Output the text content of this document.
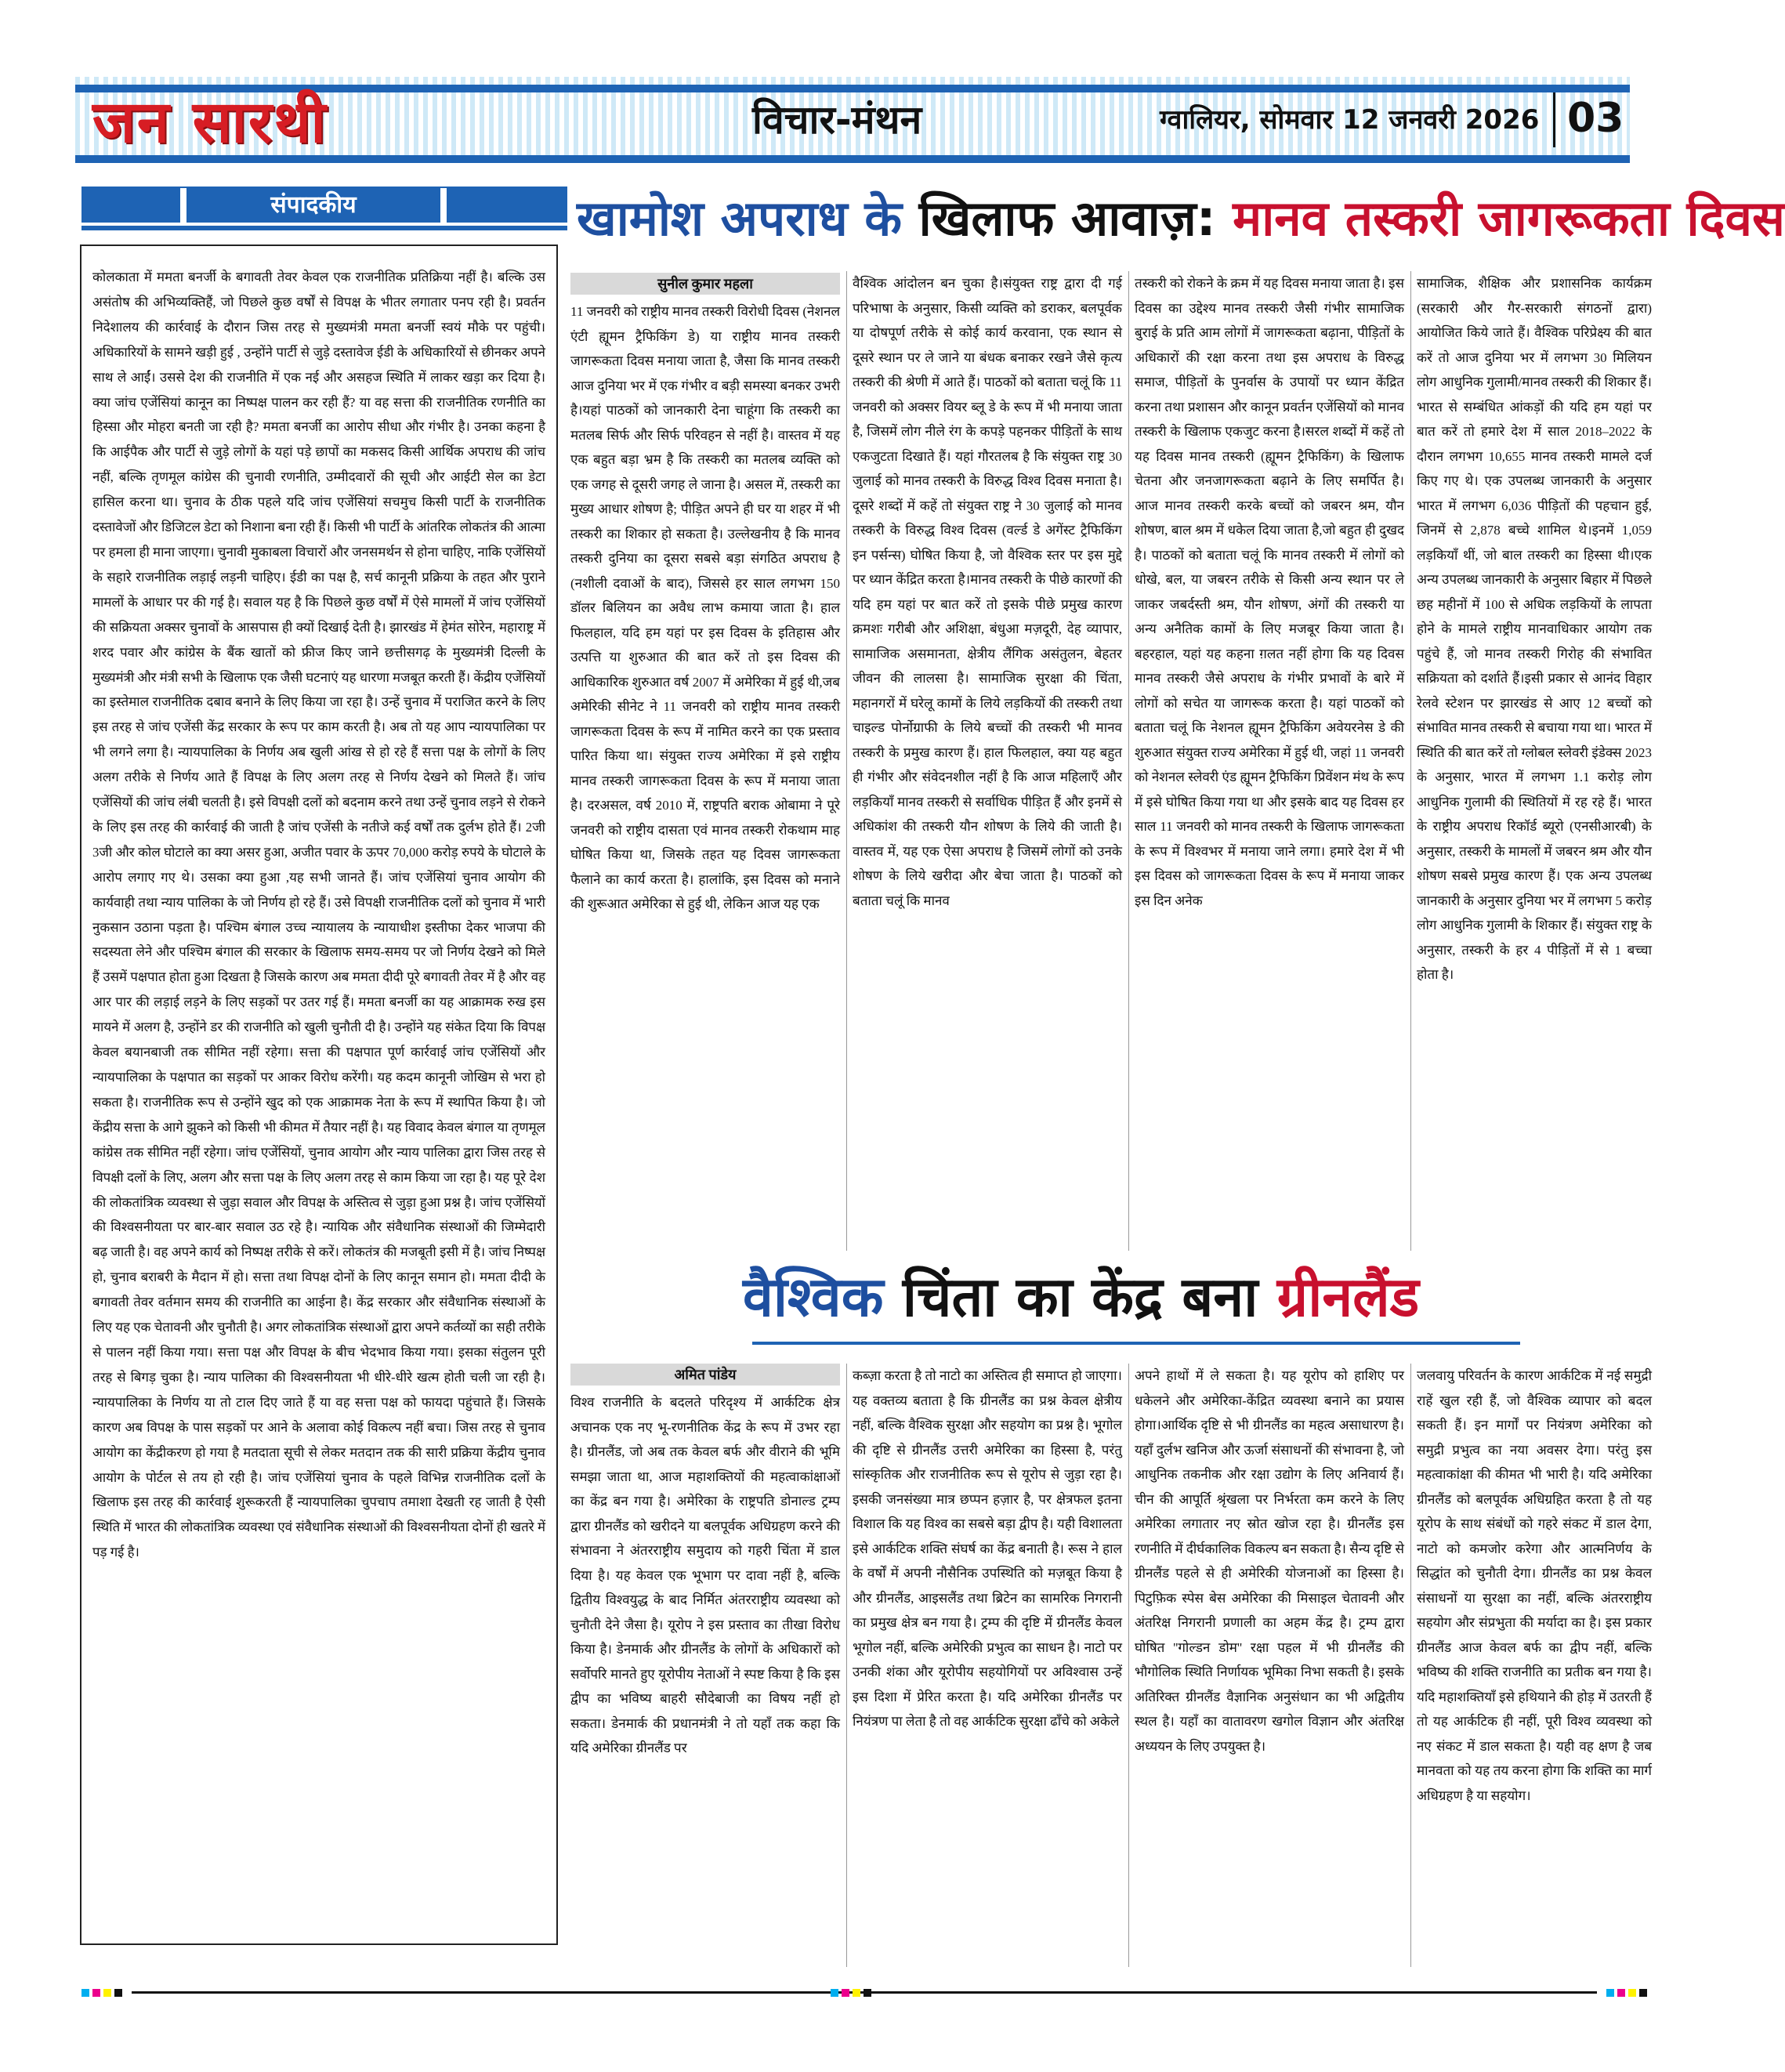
जन सारथी	विचार-मंथन	ग्वालियर, सोमवार 12 जनवरी 2026 03
संपादकीय

कोलकाता में ममता बनर्जी के बगावती तेवर केवल एक राजनीतिक प्रतिक्रिया नहीं है। बल्कि उस असंतोष की अभिव्यक्तिहैं, जो पिछले कुछ वर्षों से विपक्ष के भीतर लगातार पनप रही है। प्रवर्तन निदेशालय की कार्रवाई के दौरान जिस तरह से मुख्यमंत्री ममता बनर्जी स्वयं मौके पर पहुंची। अधिकारियों के सामने खड़ी हुई , उन्होंने पार्टी से जुड़े दस्तावेज ईडी के अधिकारियों से छीनकर अपने साथ ले आईं। उससे देश की राजनीति में एक नई और असहज स्थिति में लाकर खड़ा कर दिया है। क्या जांच एजेंसियां कानून का निष्पक्ष पालन कर रही हैं? या वह सत्ता की राजनीतिक रणनीति का हिस्सा और मोहरा बनती जा रही है? ममता बनर्जी का आरोप सीधा और गंभीर है। उनका कहना है कि आईपैक और पार्टी से जुड़े लोगों के यहां पड़े छापों का मकसद किसी आर्थिक अपराध की जांच नहीं, बल्कि तृणमूल कांग्रेस की चुनावी रणनीति, उम्मीदवारों की सूची और आईटी सेल का डेटा हासिल करना था। चुनाव के ठीक पहले यदि जांच एजेंसियां सचमुच किसी पार्टी के राजनीतिक दस्तावेजों और डिजिटल डेटा को निशाना बना रही हैं। किसी भी पार्टी के आंतरिक लोकतंत्र की आत्मा पर हमला ही माना जाएगा। चुनावी मुकाबला विचारों और जनसमर्थन से होना चाहिए, नाकि एजेंसियों के सहारे राजनीतिक लड़ाई लड़नी चाहिए। ईडी का पक्ष है, सर्च कानूनी प्रक्रिया के तहत और पुराने मामलों के आधार पर की गई है। सवाल यह है कि पिछले कुछ वर्षों में ऐसे मामलों में जांच एजेंसियों की सक्रियता अक्सर चुनावों के आसपास ही क्यों दिखाई देती है। झारखंड में हेमंत सोरेन, महाराष्ट्र में शरद पवार और कांग्रेस के बैंक खातों को फ्रीज किए जाने छत्तीसगढ़ के मुख्यमंत्री दिल्ली के मुख्यमंत्री और मंत्री सभी के खिलाफ एक जैसी घटनाएं यह धारणा मजबूत करती हैं। केंद्रीय एजेंसियों का इस्तेमाल राजनीतिक दबाव बनाने के लिए किया जा रहा है। उन्हें चुनाव में पराजित करने के लिए इस तरह से जांच एजेंसी केंद्र सरकार के रूप पर काम करती है। अब तो यह आप न्यायपालिका पर भी लगने लगा है। न्यायपालिका के निर्णय अब खुली आंख से हो रहे हैं सत्ता पक्ष के लोगों के लिए अलग तरीके से निर्णय आते हैं विपक्ष के लिए अलग तरह से निर्णय देखने को मिलते हैं। जांच एजेंसियों की जांच लंबी चलती है। इसे विपक्षी दलों को बदनाम करने तथा उन्हें चुनाव लड़ने से रोकने के लिए इस तरह की कार्रवाई की जाती है जांच एजेंसी के नतीजे कई वर्षों तक दुर्लभ होते हैं। 2जी 3जी और कोल घोटाले का क्या असर हुआ, अजीत पवार के ऊपर 70,000 करोड़ रुपये के घोटाले के आरोप लगाए गए थे। उसका क्या हुआ ,यह सभी जानते हैं। जांच एजेंसियां चुनाव आयोग की कार्यवाही तथा न्याय पालिका के जो निर्णय हो रहे हैं। उसे विपक्षी राजनीतिक दलों को चुनाव में भारी नुकसान उठाना पड़ता है। पश्चिम बंगाल उच्च न्यायालय के न्यायाधीश इस्तीफा देकर भाजपा की सदस्यता लेने और पश्चिम बंगाल की सरकार के खिलाफ समय-समय पर जो निर्णय देखने को मिले हैं उसमें पक्षपात होता हुआ दिखता है जिसके कारण अब ममता दीदी पूरे बगावती तेवर में है और वह आर पार की लड़ाई लड़ने के लिए सड़कों पर उतर गई हैं। ममता बनर्जी का यह आक्रामक रुख इस मायने में अलग है, उन्होंने डर की राजनीति को खुली चुनौती दी है। उन्होंने यह संकेत दिया कि विपक्ष केवल बयानबाजी तक सीमित नहीं रहेगा। सत्ता की पक्षपात पूर्ण कार्रवाई जांच एजेंसियों और न्यायपालिका के पक्षपात का सड़कों पर आकर विरोध करेंगी। यह कदम कानूनी जोखिम से भरा हो सकता है। राजनीतिक रूप से उन्होंने खुद को एक आक्रामक नेता के रूप में स्थापित किया है। जो केंद्रीय सत्ता के आगे झुकने को किसी भी कीमत में तैयार नहीं है। यह विवाद केवल बंगाल या तृणमूल कांग्रेस तक सीमित नहीं रहेगा। जांच एजेंसियों, चुनाव आयोग और न्याय पालिका द्वारा जिस तरह से विपक्षी दलों के लिए, अलग और सत्ता पक्ष के लिए अलग तरह से काम किया जा रहा है। यह पूरे देश की लोकतांत्रिक व्यवस्था से जुड़ा सवाल और विपक्ष के अस्तित्व से जुड़ा हुआ प्रश्न है। जांच एजेंसियों की विश्वसनीयता पर बार-बार सवाल उठ रहे है। न्यायिक और संवैधानिक संस्थाओं की जिम्मेदारी बढ़ जाती है। वह अपने कार्य को निष्पक्ष तरीके से करें। लोकतंत्र की मजबूती इसी में है। जांच निष्पक्ष हो, चुनाव बराबरी के मैदान में हो। सत्ता तथा विपक्ष दोनों के लिए कानून समान हो। ममता दीदी के बगावती तेवर वर्तमान समय की राजनीति का आईना है। केंद्र सरकार और संवैधानिक संस्थाओं के लिए यह एक चेतावनी और चुनौती है। अगर लोकतांत्रिक संस्थाओं द्वारा अपने कर्तव्यों का सही तरीके से पालन नहीं किया गया। सत्ता पक्ष और विपक्ष के बीच भेदभाव किया गया। इसका संतुलन पूरी तरह से बिगड़ चुका है। न्याय पालिका की विश्वसनीयता भी धीरे-धीरे खत्म होती चली जा रही है। न्यायपालिका के निर्णय या तो टाल दिए जाते हैं या वह सत्ता पक्ष को फायदा पहुंचाते हैं। जिसके कारण अब विपक्ष के पास सड़कों पर आने के अलावा कोई विकल्प नहीं बचा। जिस तरह से चुनाव आयोग का केंद्रीकरण हो गया है मतदाता सूची से लेकर मतदान तक की सारी प्रक्रिया केंद्रीय चुनाव आयोग के पोर्टल से तय हो रही है। जांच एजेंसियां चुनाव के पहले विभिन्न राजनीतिक दलों के खिलाफ इस तरह की कार्रवाई शुरूकरती हैं न्यायपालिका चुपचाप तमाशा देखती रह जाती है ऐसी स्थिति में भारत की लोकतांत्रिक व्यवस्था एवं संवैधानिक संस्थाओं की विश्वसनीयता दोनों ही खतरे में पड़ गई है।

खामोश अपराध के खिलाफ आवाज़: मानव तस्करी जागरूकता दिवस
सुनील कुमार महला

11 जनवरी को राष्ट्रीय मानव तस्करी विरोधी दिवस (नेशनल एंटी ह्यूमन ट्रैफिकिंग डे) या राष्ट्रीय मानव तस्करी जागरूकता दिवस मनाया जाता है, जैसा कि मानव तस्करी आज दुनिया भर में एक गंभीर व बड़ी समस्या बनकर उभरी है।यहां पाठकों को जानकारी देना चाहूंगा कि तस्करी का मतलब सिर्फ और सिर्फ परिवहन से नहीं है। वास्तव में यह एक बहुत बड़ा भ्रम है कि तस्करी का मतलब व्यक्ति को एक जगह से दूसरी जगह ले जाना है। असल में, तस्करी का मुख्य आधार शोषण है; पीड़ित अपने ही घर या शहर में भी तस्करी का शिकार हो सकता है। उल्लेखनीय है कि मानव तस्करी दुनिया का दूसरा सबसे बड़ा संगठित अपराध है (नशीली दवाओं के बाद), जिससे हर साल लगभग 150 डॉलर बिलियन का अवैध लाभ कमाया जाता है। हाल फिलहाल, यदि हम यहां पर इस दिवस के इतिहास और उत्पत्ति या शुरुआत की बात करें तो इस दिवस की आधिकारिक शुरुआत वर्ष 2007 में अमेरिका में हुई थी,जब अमेरिकी सीनेट ने 11 जनवरी को राष्ट्रीय मानव तस्करी जागरूकता दिवस के रूप में नामित करने का एक प्रस्ताव पारित किया था। संयुक्त राज्य अमेरिका में इसे राष्ट्रीय मानव तस्करी जागरूकता दिवस के रूप में मनाया जाता है। दरअसल, वर्ष 2010 में, राष्ट्रपति बराक ओबामा ने पूरे जनवरी को राष्ट्रीय दासता एवं मानव तस्करी रोकथाम माह घोषित किया था, जिसके तहत यह दिवस जागरूकता फैलाने का कार्य करता है। हालांकि, इस दिवस को मनाने की शुरूआत अमेरिका से हुई थी, लेकिन आज यह एक

वैश्विक आंदोलन बन चुका है।संयुक्त राष्ट्र द्वारा दी गई परिभाषा के अनुसार, किसी व्यक्ति को डराकर, बलपूर्वक या दोषपूर्ण तरीके से कोई कार्य करवाना, एक स्थान से दूसरे स्थान पर ले जाने या बंधक बनाकर रखने जैसे कृत्य तस्करी की श्रेणी में आते हैं। पाठकों को बताता चलूं कि 11 जनवरी को अक्सर वियर ब्लू डे के रूप में भी मनाया जाता है, जिसमें लोग नीले रंग के कपड़े पहनकर पीड़ितों के साथ एकजुटता दिखाते हैं। यहां गौरतलब है कि संयुक्त राष्ट्र 30 जुलाई को मानव तस्करी के विरुद्ध विश्व दिवस मनाता है। दूसरे शब्दों में कहें तो संयुक्त राष्ट्र ने 30 जुलाई को मानव तस्करी के विरुद्ध विश्व दिवस (वर्ल्ड डे अगेंस्ट ट्रैफिकिंग इन पर्सन्स) घोषित किया है, जो वैश्विक स्तर पर इस मुद्दे पर ध्यान केंद्रित करता है।मानव तस्करी के पीछे कारणों की यदि हम यहां पर बात करें तो इसके पीछे प्रमुख कारण क्रमशः गरीबी और अशिक्षा, बंधुआ मज़दूरी, देह व्यापार, सामाजिक असमानता, क्षेत्रीय लैंगिक असंतुलन, बेहतर जीवन की लालसा है। सामाजिक सुरक्षा की चिंता, महानगरों में घरेलू कामों के लिये लड़कियों की तस्करी तथा चाइल्ड पोर्नोग्राफी के लिये बच्चों की तस्करी भी मानव तस्करी के प्रमुख कारण हैं। हाल फिलहाल, क्या यह बहुत ही गंभीर और संवेदनशील नहीं है कि आज महिलाएँ और लड़कियाँ मानव तस्करी से सर्वाधिक पीड़ित हैं और इनमें से अधिकांश की तस्करी यौन शोषण के लिये की जाती है।वास्तव में, यह एक ऐसा अपराध है जिसमें लोगों को उनके शोषण के लिये खरीदा और बेचा जाता है। पाठकों को बताता चलूं कि मानव

तस्करी को रोकने के क्रम में यह दिवस मनाया जाता है। इस दिवस का उद्देश्य मानव तस्करी जैसी गंभीर सामाजिक बुराई के प्रति आम लोगों में जागरूकता बढ़ाना, पीड़ितों के अधिकारों की रक्षा करना तथा इस अपराध के विरुद्ध समाज, पीड़ितों के पुनर्वास के उपायों पर ध्यान केंद्रित करना तथा प्रशासन और कानून प्रवर्तन एजेंसियों को मानव तस्करी के खिलाफ एकजुट करना है।सरल शब्दों में कहें तो यह दिवस मानव तस्करी (ह्यूमन ट्रैफिकिंग) के खिलाफ चेतना और जनजागरूकता बढ़ाने के लिए समर्पित है। आज मानव तस्करी करके बच्चों को जबरन श्रम, यौन शोषण, बाल श्रम में धकेल दिया जाता है,जो बहुत ही दुखद है। पाठकों को बताता चलूं कि मानव तस्करी में लोगों को धोखे, बल, या जबरन तरीके से किसी अन्य स्थान पर ले जाकर जबर्दस्ती श्रम, यौन शोषण, अंगों की तस्करी या अन्य अनैतिक कामों के लिए मजबूर किया जाता है। बहरहाल, यहां यह कहना ग़लत नहीं होगा कि यह दिवस मानव तस्करी जैसे अपराध के गंभीर प्रभावों के बारे में लोगों को सचेत या जागरूक करता है। यहां पाठकों को बताता चलूं कि नेशनल ह्यूमन ट्रैफिकिंग अवेयरनेस डे की शुरुआत संयुक्त राज्य अमेरिका में हुई थी, जहां 11 जनवरी को नेशनल स्लेवरी एंड ह्यूमन ट्रैफिकिंग प्रिवेंशन मंथ के रूप में इसे घोषित किया गया था और इसके बाद यह दिवस हर साल 11 जनवरी को मानव तस्करी के खिलाफ जागरूकता के रूप में विश्वभर में मनाया जाने लगा। हमारे देश में भी इस दिवस को जागरूकता दिवस के रूप में मनाया जाकर इस दिन अनेक

सामाजिक, शैक्षिक और प्रशासनिक कार्यक्रम (सरकारी और गैर-सरकारी संगठनों द्वारा) आयोजित किये जाते हैं। वैश्विक परिप्रेक्ष्य की बात करें तो आज दुनिया भर में लगभग 30 मिलियन लोग आधुनिक गुलामी/मानव तस्करी की शिकार हैं। भारत से सम्बंधित आंकड़ों की यदि हम यहां पर बात करें तो हमारे देश में साल 2018–2022 के दौरान लगभग 10,655 मानव तस्करी मामले दर्ज किए गए थे। एक उपलब्ध जानकारी के अनुसार भारत में लगभग 6,036 पीड़ितों की पहचान हुई, जिनमें से 2,878 बच्चे शामिल थे।इनमें 1,059 लड़कियाँ थीं, जो बाल तस्करी का हिस्सा थी।एक अन्य उपलब्ध जानकारी के अनुसार बिहार में पिछले छह महीनों में 100 से अधिक लड़कियों के लापता होने के मामले राष्ट्रीय मानवाधिकार आयोग तक पहुंचे हैं, जो मानव तस्करी गिरोह की संभावित सक्रियता को दर्शाते हैं।इसी प्रकार से आनंद विहार रेलवे स्टेशन पर झारखंड से आए 12 बच्चों को संभावित मानव तस्करी से बचाया गया था। भारत में स्थिति की बात करें तो ग्लोबल स्लेवरी इंडेक्स 2023 के अनुसार, भारत में लगभग 1.1 करोड़ लोग आधुनिक गुलामी की स्थितियों में रह रहे हैं। भारत के राष्ट्रीय अपराध रिकॉर्ड ब्यूरो (एनसीआरबी) के अनुसार, तस्करी के मामलों में जबरन श्रम और यौन शोषण सबसे प्रमुख कारण हैं। एक अन्य उपलब्ध जानकारी के अनुसार दुनिया भर में लगभग 5 करोड़ लोग आधुनिक गुलामी के शिकार हैं। संयुक्त राष्ट्र के अनुसार, तस्करी के हर 4 पीड़ितों में से 1 बच्चा होता है।

वैश्विक चिंता का केंद्र बना ग्रीनलैंड
अमित पांडेय

विश्व राजनीति के बदलते परिदृश्य में आर्कटिक क्षेत्र अचानक एक नए भू-रणनीतिक केंद्र के रूप में उभर रहा है। ग्रीनलैंड, जो अब तक केवल बर्फ और वीराने की भूमि समझा जाता था, आज महाशक्तियों की महत्वाकांक्षाओं का केंद्र बन गया है। अमेरिका के राष्ट्रपति डोनाल्ड ट्रम्प द्वारा ग्रीनलैंड को खरीदने या बलपूर्वक अधिग्रहण करने की संभावना ने अंतरराष्ट्रीय समुदाय को गहरी चिंता में डाल दिया है। यह केवल एक भूभाग पर दावा नहीं है, बल्कि द्वितीय विश्वयुद्ध के बाद निर्मित अंतरराष्ट्रीय व्यवस्था को चुनौती देने जैसा है। यूरोप ने इस प्रस्ताव का तीखा विरोध किया है। डेनमार्क और ग्रीनलैंड के लोगों के अधिकारों को सर्वोपरि मानते हुए यूरोपीय नेताओं ने स्पष्ट किया है कि इस द्वीप का भविष्य बाहरी सौदेबाजी का विषय नहीं हो सकता। डेनमार्क की प्रधानमंत्री ने तो यहाँ तक कहा कि यदि अमेरिका ग्रीनलैंड पर

कब्ज़ा करता है तो नाटो का अस्तित्व ही समाप्त हो जाएगा। यह वक्तव्य बताता है कि ग्रीनलैंड का प्रश्न केवल क्षेत्रीय नहीं, बल्कि वैश्विक सुरक्षा और सहयोग का प्रश्न है। भूगोल की दृष्टि से ग्रीनलैंड उत्तरी अमेरिका का हिस्सा है, परंतु सांस्कृतिक और राजनीतिक रूप से यूरोप से जुड़ा रहा है। इसकी जनसंख्या मात्र छप्पन हज़ार है, पर क्षेत्रफल इतना विशाल कि यह विश्व का सबसे बड़ा द्वीप है। यही विशालता इसे आर्कटिक शक्ति संघर्ष का केंद्र बनाती है। रूस ने हाल के वर्षों में अपनी नौसैनिक उपस्थिति को मज़बूत किया है और ग्रीनलैंड, आइसलैंड तथा ब्रिटेन का सामरिक निगरानी का प्रमुख क्षेत्र बन गया है। ट्रम्प की दृष्टि में ग्रीनलैंड केवल भूगोल नहीं, बल्कि अमेरिकी प्रभुत्व का साधन है। नाटो पर उनकी शंका और यूरोपीय सहयोगियों पर अविश्वास उन्हें इस दिशा में प्रेरित करता है। यदि अमेरिका ग्रीनलैंड पर नियंत्रण पा लेता है तो वह आर्कटिक सुरक्षा ढाँचे को अकेले

अपने हाथों में ले सकता है। यह यूरोप को हाशिए पर धकेलने और अमेरिका-केंद्रित व्यवस्था बनाने का प्रयास होगा।आर्थिक दृष्टि से भी ग्रीनलैंड का महत्व असाधारण है। यहाँ दुर्लभ खनिज और ऊर्जा संसाधनों की संभावना है, जो आधुनिक तकनीक और रक्षा उद्योग के लिए अनिवार्य हैं। चीन की आपूर्ति श्रृंखला पर निर्भरता कम करने के लिए अमेरिका लगातार नए स्रोत खोज रहा है। ग्रीनलैंड इस रणनीति में दीर्घकालिक विकल्प बन सकता है। सैन्य दृष्टि से ग्रीनलैंड पहले से ही अमेरिकी योजनाओं का हिस्सा है। पिटुफ़िक स्पेस बेस अमेरिका की मिसाइल चेतावनी और अंतरिक्ष निगरानी प्रणाली का अहम केंद्र है। ट्रम्प द्वारा घोषित ''गोल्डन डोम'' रक्षा पहल में भी ग्रीनलैंड की भौगोलिक स्थिति निर्णायक भूमिका निभा सकती है। इसके अतिरिक्त ग्रीनलैंड वैज्ञानिक अनुसंधान का भी अद्वितीय स्थल है। यहाँ का वातावरण खगोल विज्ञान और अंतरिक्ष अध्ययन के लिए उपयुक्त है।

जलवायु परिवर्तन के कारण आर्कटिक में नई समुद्री राहें खुल रही हैं, जो वैश्विक व्यापार को बदल सकती हैं। इन मार्गों पर नियंत्रण अमेरिका को समुद्री प्रभुत्व का नया अवसर देगा। परंतु इस महत्वाकांक्षा की कीमत भी भारी है। यदि अमेरिका ग्रीनलैंड को बलपूर्वक अधिग्रहित करता है तो यह यूरोप के साथ संबंधों को गहरे संकट में डाल देगा, नाटो को कमजोर करेगा और आत्मनिर्णय के सिद्धांत को चुनौती देगा। ग्रीनलैंड का प्रश्न केवल संसाधनों या सुरक्षा का नहीं, बल्कि अंतरराष्ट्रीय सहयोग और संप्रभुता की मर्यादा का है। इस प्रकार ग्रीनलैंड आज केवल बर्फ का द्वीप नहीं, बल्कि भविष्य की शक्ति राजनीति का प्रतीक बन गया है। यदि महाशक्तियाँ इसे हथियाने की होड़ में उतरती हैं तो यह आर्कटिक ही नहीं, पूरी विश्व व्यवस्था को नए संकट में डाल सकता है। यही वह क्षण है जब मानवता को यह तय करना होगा कि शक्ति का मार्ग अधिग्रहण है या सहयोग।
